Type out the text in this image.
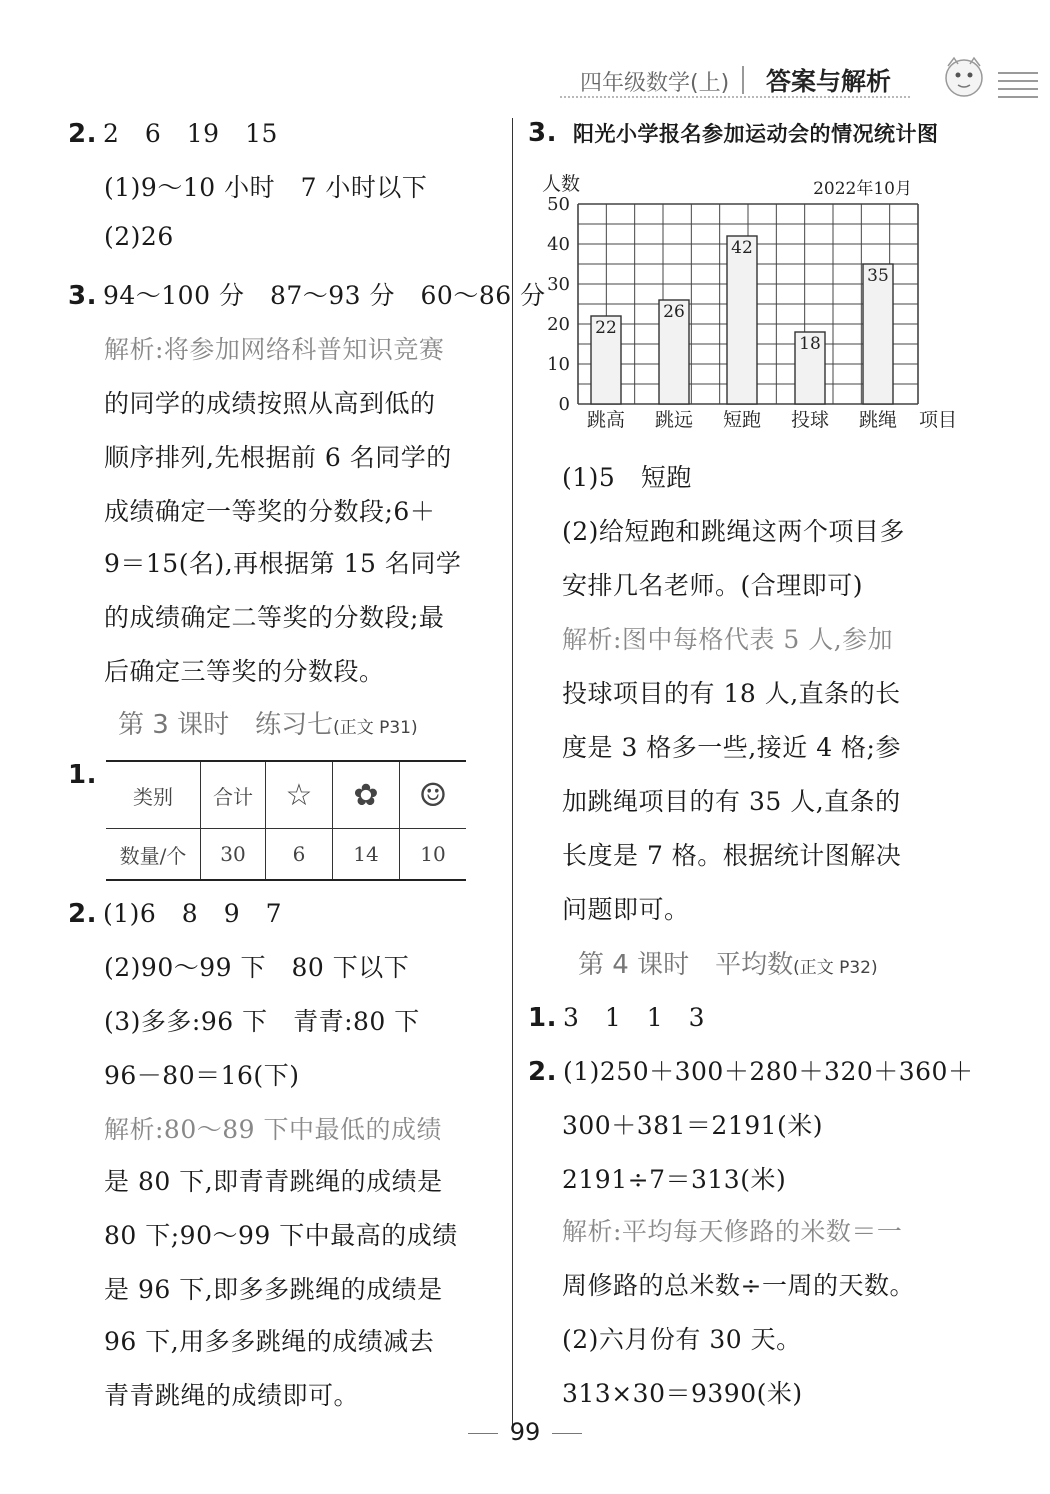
四年级数学(上) 答案与解析
2. 2　6　19　15
(1)9～10 小时　7 小时以下
(2)26
3. 94～100 分　87～93 分　60～86 分
解析:将参加网络科普知识竞赛
的同学的成绩按照从高到低的
顺序排列,先根据前 6 名同学的
成绩确定一等奖的分数段;6＋
9＝15(名),再根据第 15 名同学
的成绩确定二等奖的分数段;最
后确定三等奖的分数段。
第 3 课时　练习七(正文 P31)
1.
类别	合计	☆	✿	☺
数量/个	30	6	14	10
2. (1)6　8　9　7
(2)90～99 下　80 下以下
(3)多多:96 下　青青:80 下
96－80＝16(下)
解析:80～89 下中最低的成绩
是 80 下,即青青跳绳的成绩是
80 下;90～99 下中最高的成绩
是 96 下,即多多跳绳的成绩是
96 下,用多多跳绳的成绩减去
青青跳绳的成绩即可。
3. 阳光小学报名参加运动会的情况统计图
人数	2022年10月
22
26
42
18
35
0
10
20
30
40
50
跳高 跳远 短跑 投球 跳绳 项目
(1)5　短跑
(2)给短跑和跳绳这两个项目多
安排几名老师。(合理即可)
解析:图中每格代表 5 人,参加
投球项目的有 18 人,直条的长
度是 3 格多一些,接近 4 格;参
加跳绳项目的有 35 人,直条的
长度是 7 格。根据统计图解决
问题即可。
第 4 课时　平均数(正文 P32)
1. 3　1　1　3
2. (1)250＋300＋280＋320＋360＋
300＋381＝2191(米)
2191÷7＝313(米)
解析:平均每天修路的米数＝一
周修路的总米数÷一周的天数。
(2)六月份有 30 天。
313×30＝9390(米)
99
